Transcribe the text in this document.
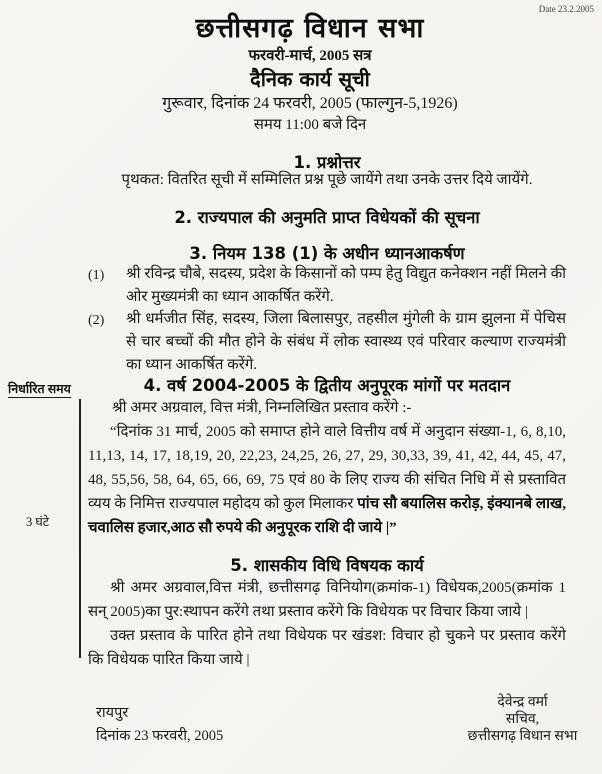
Date 23.2.2005
छत्तीसगढ़ विधान सभा
फरवरी-मार्च, 2005 सत्र
दैनिक कार्य सूची
गुरूवार, दिनांक 24 फरवरी, 2005 (फाल्गुन-5,1926)
समय 11:00 बजे दिन
1. प्रश्नोत्तर
पृथकत: वितरित सूची में सम्मिलित प्रश्न पूछे जायेंगे तथा उनके उत्तर दिये जायेंगे.
2. राज्यपाल की अनुमति प्राप्त विधेयकों की सूचना
3. नियम 138 (1) के अधीन ध्यानआकर्षण
(1)	श्री रविन्द्र चौबे, सदस्य, प्रदेश के किसानों को पम्प हेतु विद्युत कनेक्शन नहीं मिलने की ओर मुख्यमंत्री का ध्यान आकर्षित करेंगे.
(2)	श्री धर्मजीत सिंह, सदस्य, जिला बिलासपुर, तहसील मुंगेली के ग्राम झुलना में पेचिस से चार बच्चों की मौत होने के संबंध में लोक स्वास्थ्य एवं परिवार कल्याण राज्यमंत्री का ध्यान आकर्षित करेंगे.
निर्धारित समय
3 घंटे
4. वर्ष 2004-2005 के द्वितीय अनुपूरक मांगों पर मतदान

श्री अमर अग्रवाल, वित्त मंत्री, निम्नलिखित प्रस्ताव करेंगे :-

“दिनांक 31 मार्च, 2005 को समाप्त होने वाले वित्तीय वर्ष में अनुदान संख्या-1, 6, 8,10, 11,13, 14, 17, 18,19, 20, 22,23, 24,25, 26, 27, 29, 30,33, 39, 41, 42, 44, 45, 47, 48, 55,56, 58, 64, 65, 66, 69, 75 एवं 80 के लिए राज्य की संचित निधि में से प्रस्तावित व्यय के निमित्त राज्यपाल महोदय को कुल मिलाकर पांच सौ बयालिस करोड़, इंक्यानबे लाख, चवालिस हजार,आठ सौ रुपये की अनुपूरक राशि दी जाये |”

5. शासकीय विधि विषयक कार्य

श्री अमर अग्रवाल,वित्त मंत्री, छत्तीसगढ़ विनियोग(क्रमांक-1) विधेयक,2005(क्रमांक 1 सन् 2005)का पुर:स्थापन करेंगे तथा प्रस्ताव करेंगे कि विधेयक पर विचार किया जाये |

उक्त प्रस्ताव के पारित होने तथा विधेयक पर खंडश: विचार हो चुकने पर प्रस्ताव करेंगे कि विधेयक पारित किया जाये |

रायपुर
दिनांक 23 फरवरी, 2005
देवेन्द्र वर्मा
सचिव,
छत्तीसगढ़ विधान सभा
